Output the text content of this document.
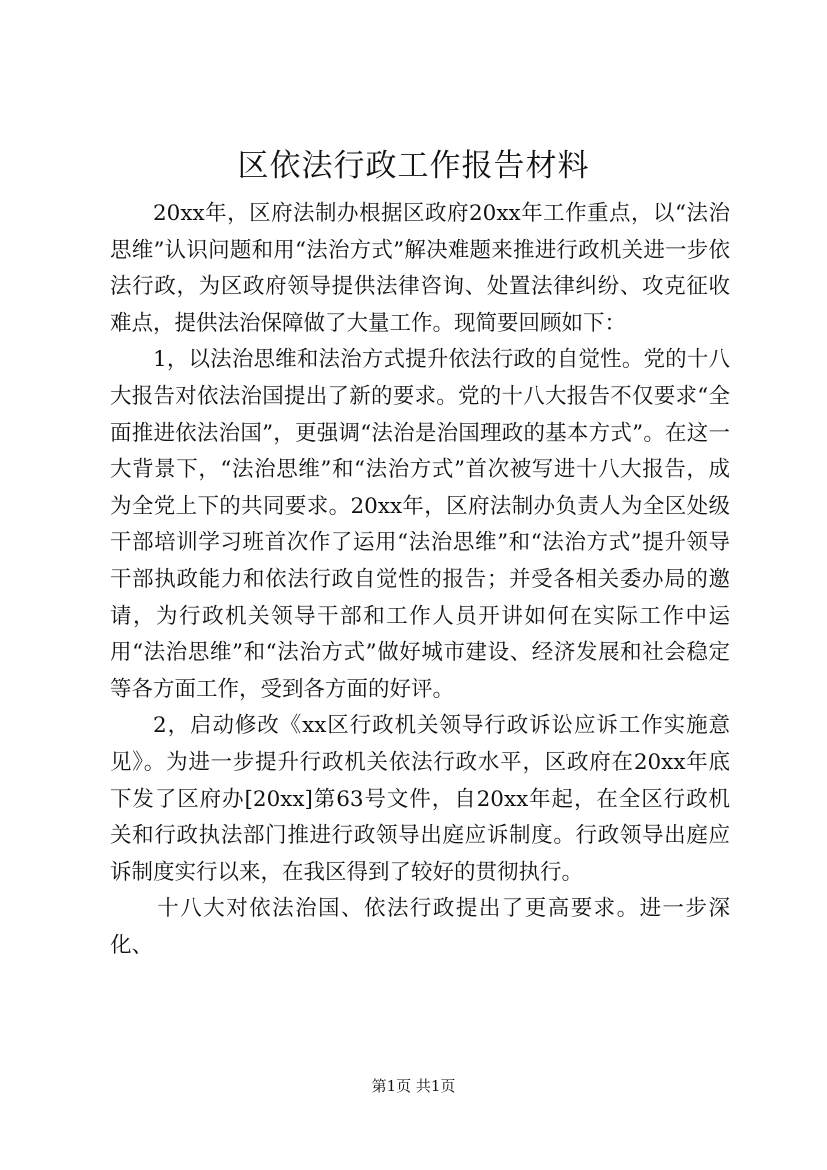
区依法行政工作报告材料

20xx年，区府法制办根据区政府20xx年工作重点，以“法治思维”认识问题和用“法治方式”解决难题来推进行政机关进一步依法行政，为区政府领导提供法律咨询、处置法律纠纷、攻克征收难点，提供法治保障做了大量工作。现简要回顾如下：

1，以法治思维和法治方式提升依法行政的自觉性。党的十八大报告对依法治国提出了新的要求。党的十八大报告不仅要求“全面推进依法治国”，更强调“法治是治国理政的基本方式”。在这一大背景下，“法治思维”和“法治方式”首次被写进十八大报告，成为全党上下的共同要求。20xx年，区府法制办负责人为全区处级干部培训学习班首次作了运用“法治思维”和“法治方式”提升领导干部执政能力和依法行政自觉性的报告；并受各相关委办局的邀请，为行政机关领导干部和工作人员开讲如何在实际工作中运用“法治思维”和“法治方式”做好城市建设、经济发展和社会稳定等各方面工作，受到各方面的好评。

2，启动修改《xx区行政机关领导行政诉讼应诉工作实施意见》。为进一步提升行政机关依法行政水平，区政府在20xx年底下发了区府办[20xx]第63号文件，自20xx年起，在全区行政机关和行政执法部门推进行政领导出庭应诉制度。行政领导出庭应诉制度实行以来，在我区得到了较好的贯彻执行。

十八大对依法治国、依法行政提出了更高要求。进一步深化、

第1页 共1页
